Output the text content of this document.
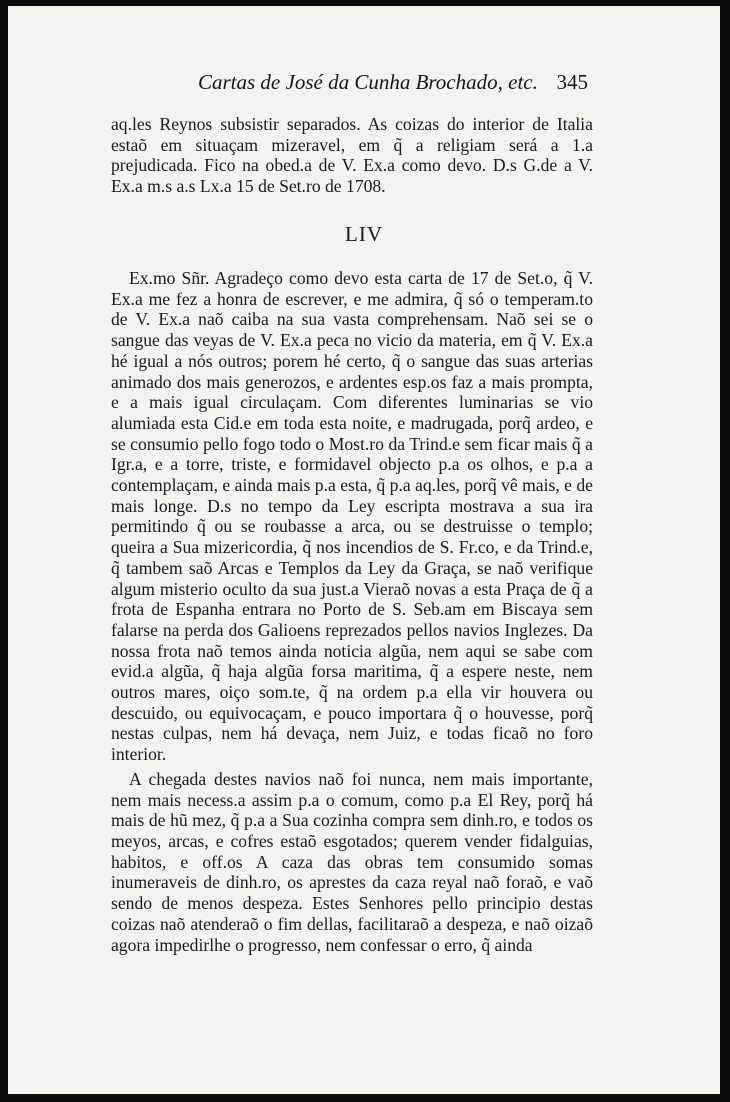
Cartas de José da Cunha Brochado, etc. 345

aq.les Reynos subsistir separados. As coizas do interior de Italia estaõ em situaçam mizeravel, em q̃ a religiam será a 1.a prejudicada. Fico na obed.a de V. Ex.a como devo. D.s G.de a V. Ex.a m.s a.s Lx.a 15 de Set.ro de 1708.

LIV

Ex.mo Sñr. Agradeço como devo esta carta de 17 de Set.o, q̃ V. Ex.a me fez a honra de escrever, e me admira, q̃ só o temperam.to de V. Ex.a naõ caiba na sua vasta comprehensam. Naõ sei se o sangue das veyas de V. Ex.a peca no vicio da materia, em q̃ V. Ex.a hé igual a nós outros; porem hé certo, q̃ o sangue das suas arterias animado dos mais generozos, e ardentes esp.os faz a mais prompta, e a mais igual circulaçam. Com diferentes luminarias se vio alumiada esta Cid.e em toda esta noite, e madrugada, porq̃ ardeo, e se consumio pello fogo todo o Most.ro da Trind.e sem ficar mais q̃ a Igr.a, e a torre, triste, e formidavel objecto p.a os olhos, e p.a a contemplaçam, e ainda mais p.a esta, q̃ p.a aq.les, porq̃ vê mais, e de mais longe. D.s no tempo da Ley escripta mostrava a sua ira permitindo q̃ ou se roubasse a arca, ou se destruisse o templo; queira a Sua mizericordia, q̃ nos incendios de S. Fr.co, e da Trind.e, q̃ tambem saõ Arcas e Templos da Ley da Graça, se naõ verifique algum misterio oculto da sua just.a Vieraõ novas a esta Praça de q̃ a frota de Espanha entrara no Porto de S. Seb.am em Biscaya sem falarse na perda dos Galioens reprezados pellos navios Inglezes. Da nossa frota naõ temos ainda noticia algũa, nem aqui se sabe com evid.a algũa, q̃ haja algũa forsa maritima, q̃ a espere neste, nem outros mares, oiço som.te, q̃ na ordem p.a ella vir houvera ou descuido, ou equivocaçam, e pouco importara q̃ o houvesse, porq̃ nestas culpas, nem há devaça, nem Juiz, e todas ficaõ no foro interior.

A chegada destes navios naõ foi nunca, nem mais importante, nem mais necess.a assim p.a o comum, como p.a El Rey, porq̃ há mais de hũ mez, q̃ p.a a Sua cozinha compra sem dinh.ro, e todos os meyos, arcas, e cofres estaõ esgotados; querem vender fidalguias, habitos, e off.os A caza das obras tem consumido somas inumeraveis de dinh.ro, os aprestes da caza reyal naõ foraõ, e vaõ sendo de menos despeza. Estes Senhores pello principio destas coizas naõ atenderaõ o fim dellas, facilitaraõ a despeza, e naõ oizaõ agora impedirlhe o progresso, nem confessar o erro, q̃ ainda
